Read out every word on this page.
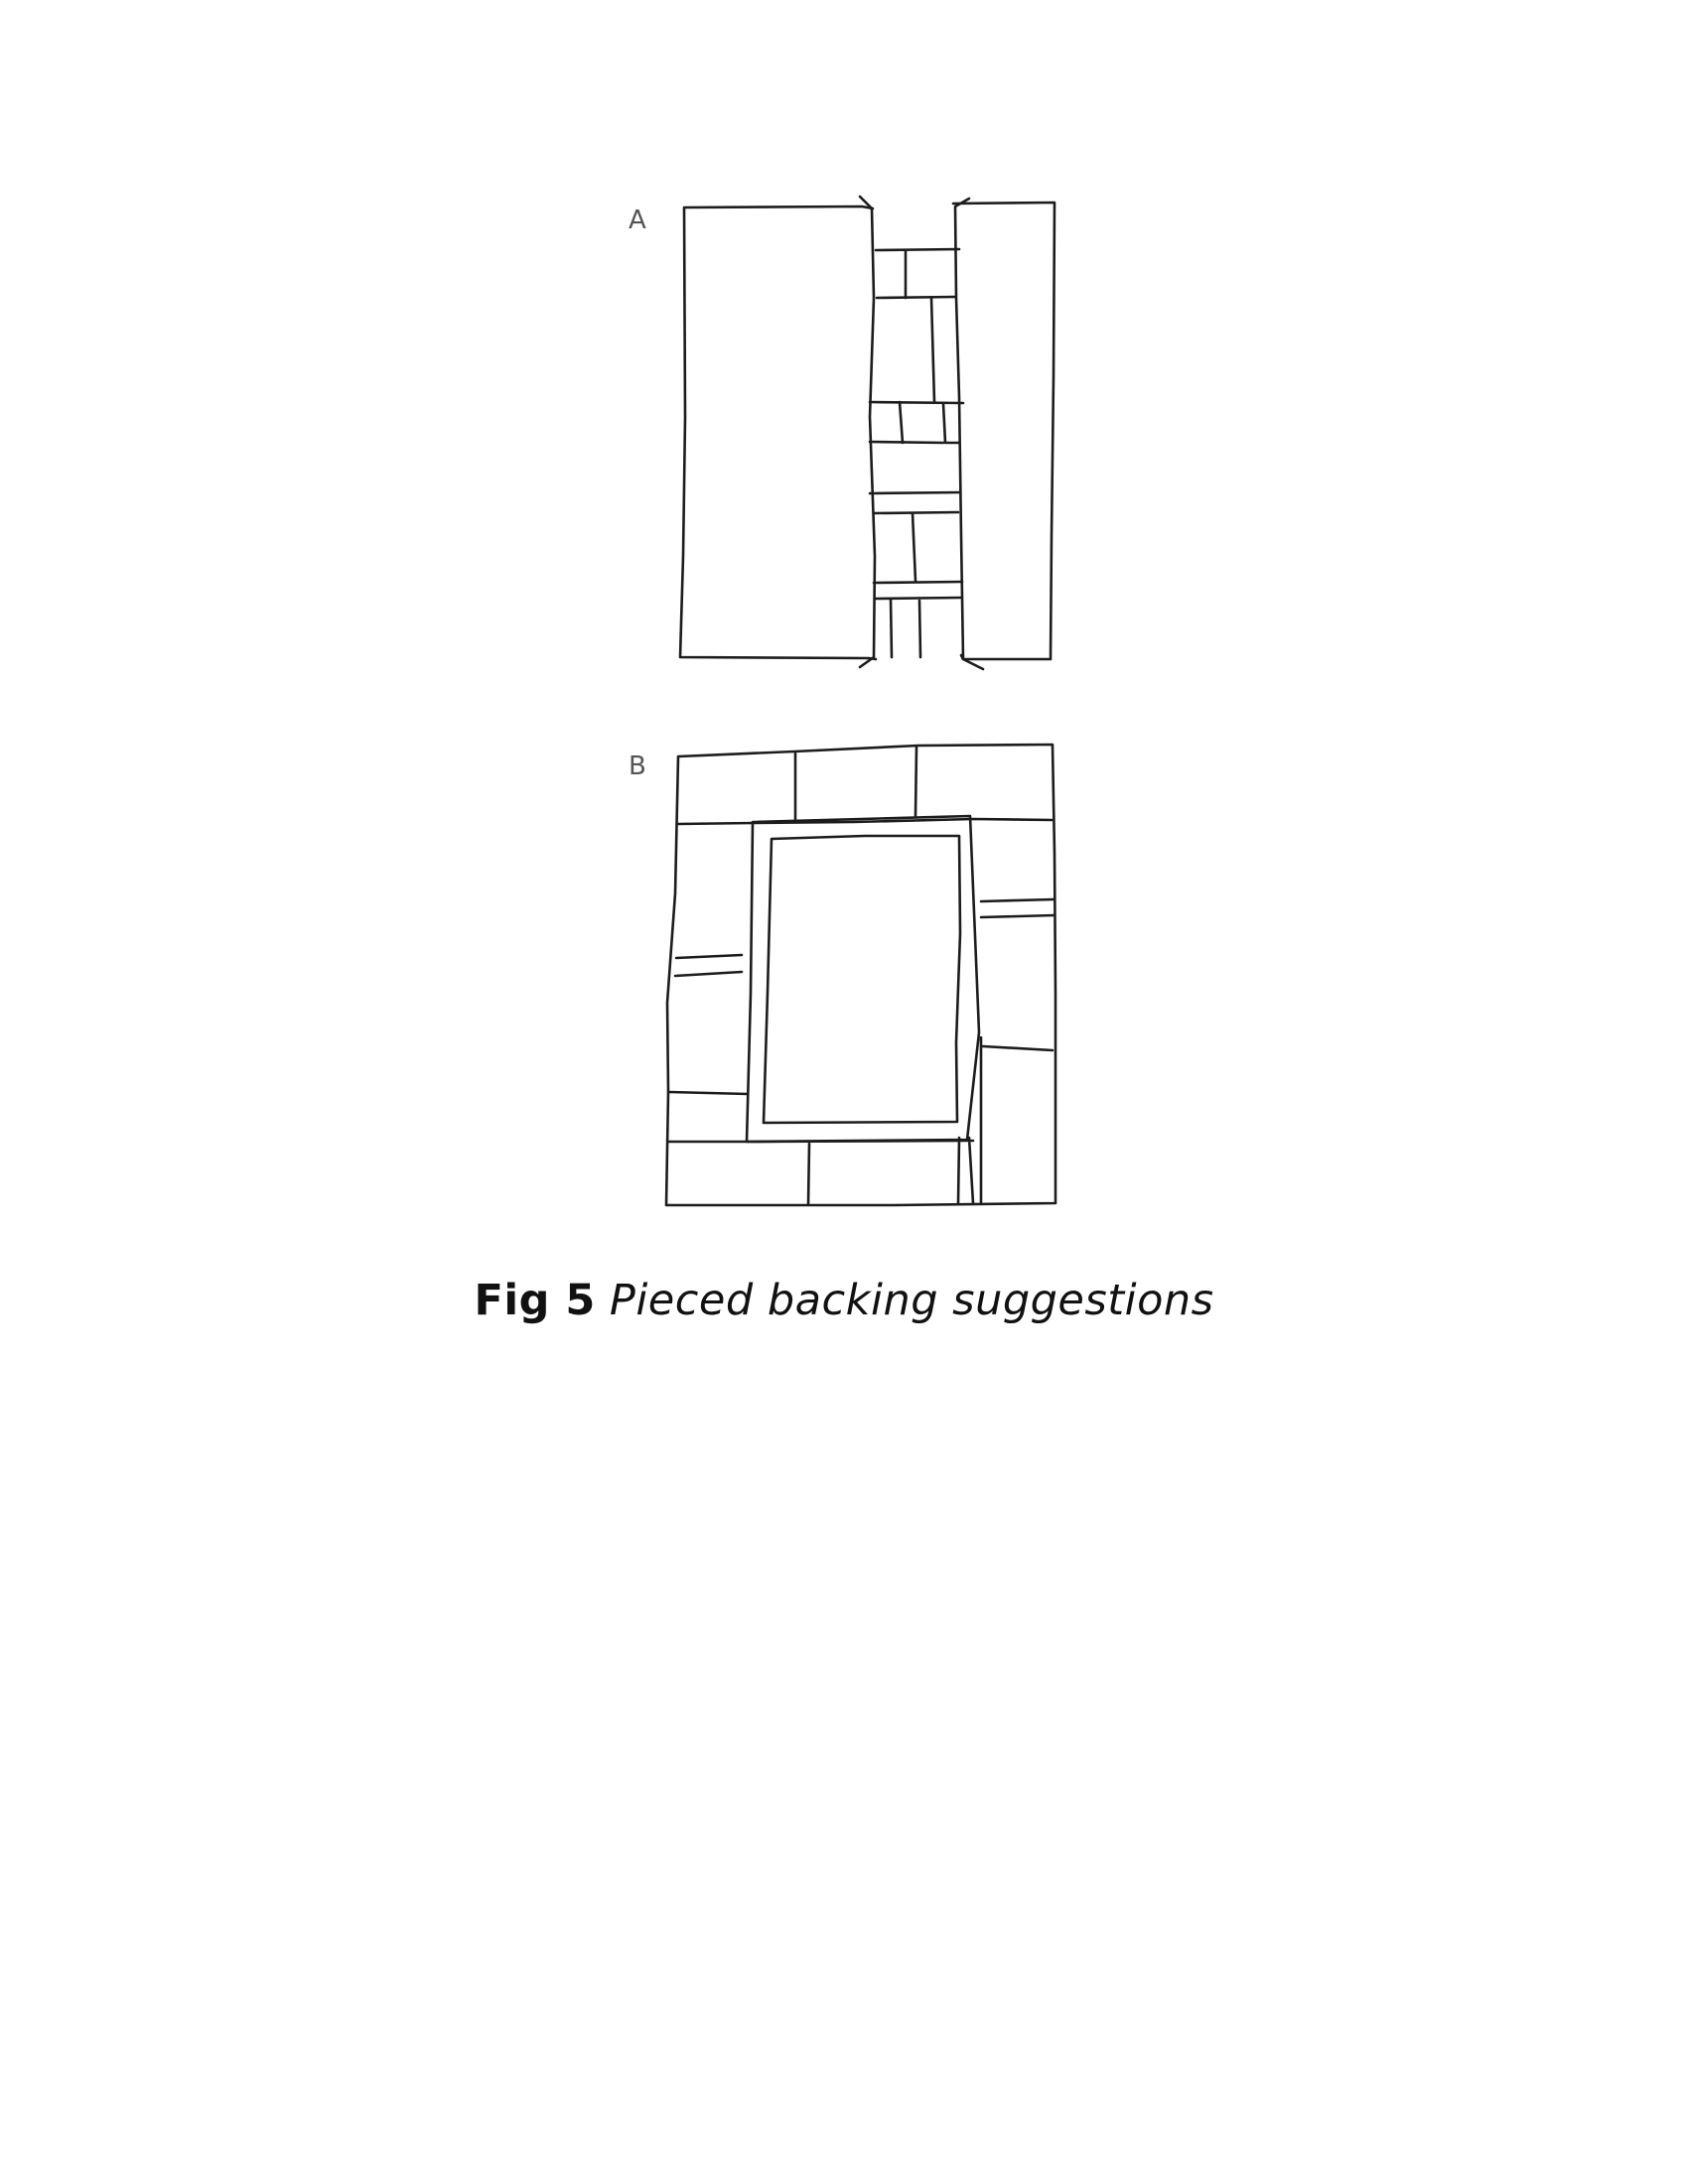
A
B
Fig 5 Pieced backing suggestions
